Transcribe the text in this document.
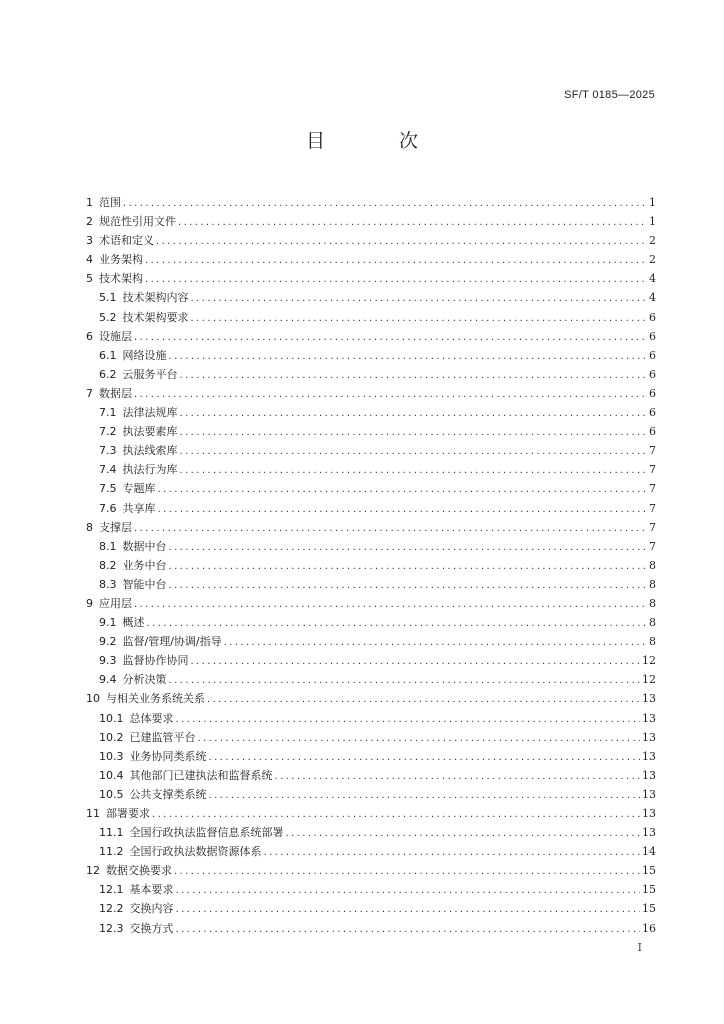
SF/T 0185—2025
目 次
1 范围 .....	1
2 规范性引用文件 .....	1
3 术语和定义 .....	2
4 业务架构 .....	2
5 技术架构 .....	4
5.1 技术架构内容 .....	4
5.2 技术架构要求 .....	6
6 设施层 .....	6
6.1 网络设施 .....	6
6.2 云服务平台 .....	6
7 数据层 .....	6
7.1 法律法规库 .....	6
7.2 执法要素库 .....	6
7.3 执法线索库 .....	7
7.4 执法行为库 .....	7
7.5 专题库 .....	7
7.6 共享库 .....	7
8 支撑层 .....	7
8.1 数据中台 .....	7
8.2 业务中台 .....	8
8.3 智能中台 .....	8
9 应用层 .....	8
9.1 概述 .....	8
9.2 监督/管理/协调/指导 .....	8
9.3 监督协作协同 .....	12
9.4 分析决策 .....	12
10 与相关业务系统关系 .....	13
10.1 总体要求 .....	13
10.2 已建监管平台 .....	13
10.3 业务协同类系统 .....	13
10.4 其他部门已建执法和监督系统 .....	13
10.5 公共支撑类系统 .....	13
11 部署要求 .....	13
11.1 全国行政执法监督信息系统部署 .....	13
11.2 全国行政执法数据资源体系 .....	14
12 数据交换要求 .....	15
12.1 基本要求 .....	15
12.2 交换内容 .....	15
12.3 交换方式 .....	16
I
